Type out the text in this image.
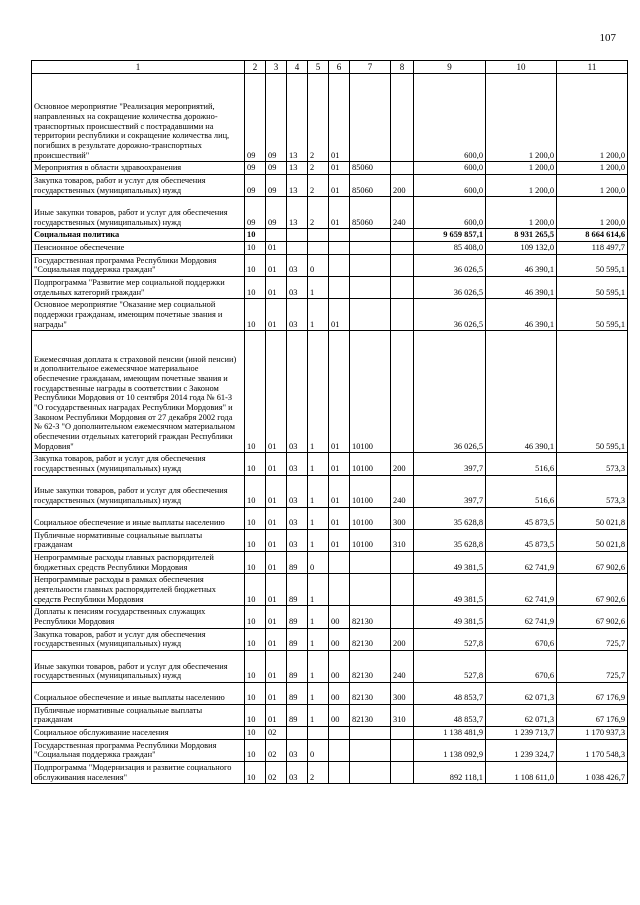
107
1	2	3	4	5	6	7	8	9	10	11
Основное мероприятие "Реализация мероприятий, направленных на сокращение количества дорожно-транспортных происшествий с пострадавшими на территории республики и сокращение количества лиц, погибших в результате дорожно-транспортных происшествий"	09	09	13	2	01			600,0	1 200,0	1 200,0
Мероприятия в области здравоохранения	09	09	13	2	01	85060		600,0	1 200,0	1 200,0
Закупка товаров, работ и услуг для обеспечения государственных (муниципальных) нужд	09	09	13	2	01	85060	200	600,0	1 200,0	1 200,0
Иные закупки товаров, работ и услуг для обеспечения государственных (муниципальных) нужд	09	09	13	2	01	85060	240	600,0	1 200,0	1 200,0
Социальная политика	10							9 659 857,1	8 931 265,5	8 664 614,6
Пенсионное обеспечение	10	01						85 408,0	109 132,0	118 497,7
Государственная программа Республики Мордовия "Социальная поддержка граждан"	10	01	03	0				36 026,5	46 390,1	50 595,1
Подпрограмма "Развитие мер социальной поддержки отдельных категорий граждан"	10	01	03	1				36 026,5	46 390,1	50 595,1
Основное мероприятие "Оказание мер социальной поддержки гражданам, имеющим почетные звания и награды"	10	01	03	1	01			36 026,5	46 390,1	50 595,1
Ежемесячная доплата к страховой пенсии (иной пенсии) и дополнительное ежемесячное материальное обеспечение гражданам, имеющим почетные звания и государственные награды в соответствии с Законом Республики Мордовия от 10 сентября 2014 года № 61-З "О государственных наградах Республики Мордовия" и Законом Республики Мордовия от 27 декабря 2002 года № 62-З "О дополнительном ежемесячном материальном обеспечении отдельных категорий граждан Республики Мордовия"	10	01	03	1	01	10100		36 026,5	46 390,1	50 595,1
Закупка товаров, работ и услуг для обеспечения государственных (муниципальных) нужд	10	01	03	1	01	10100	200	397,7	516,6	573,3
Иные закупки товаров, работ и услуг для обеспечения государственных (муниципальных) нужд	10	01	03	1	01	10100	240	397,7	516,6	573,3
Социальное обеспечение и иные выплаты населению	10	01	03	1	01	10100	300	35 628,8	45 873,5	50 021,8
Публичные нормативные социальные выплаты гражданам	10	01	03	1	01	10100	310	35 628,8	45 873,5	50 021,8
Непрограммные расходы главных распорядителей бюджетных средств Республики Мордовия	10	01	89	0				49 381,5	62 741,9	67 902,6
Непрограммные расходы в рамках обеспечения деятельности главных распорядителей бюджетных средств Республики Мордовия	10	01	89	1				49 381,5	62 741,9	67 902,6
Доплаты к пенсиям государственных служащих Республики Мордовия	10	01	89	1	00	82130		49 381,5	62 741,9	67 902,6
Закупка товаров, работ и услуг для обеспечения государственных (муниципальных) нужд	10	01	89	1	00	82130	200	527,8	670,6	725,7
Иные закупки товаров, работ и услуг для обеспечения государственных (муниципальных) нужд	10	01	89	1	00	82130	240	527,8	670,6	725,7
Социальное обеспечение и иные выплаты населению	10	01	89	1	00	82130	300	48 853,7	62 071,3	67 176,9
Публичные нормативные социальные выплаты гражданам	10	01	89	1	00	82130	310	48 853,7	62 071,3	67 176,9
Социальное обслуживание населения	10	02						1 138 481,9	1 239 713,7	1 170 937,3
Государственная программа Республики Мордовия "Социальная поддержка граждан"	10	02	03	0				1 138 092,9	1 239 324,7	1 170 548,3
Подпрограмма "Модернизация и развитие социального обслуживания населения"	10	02	03	2				892 118,1	1 108 611,0	1 038 426,7
